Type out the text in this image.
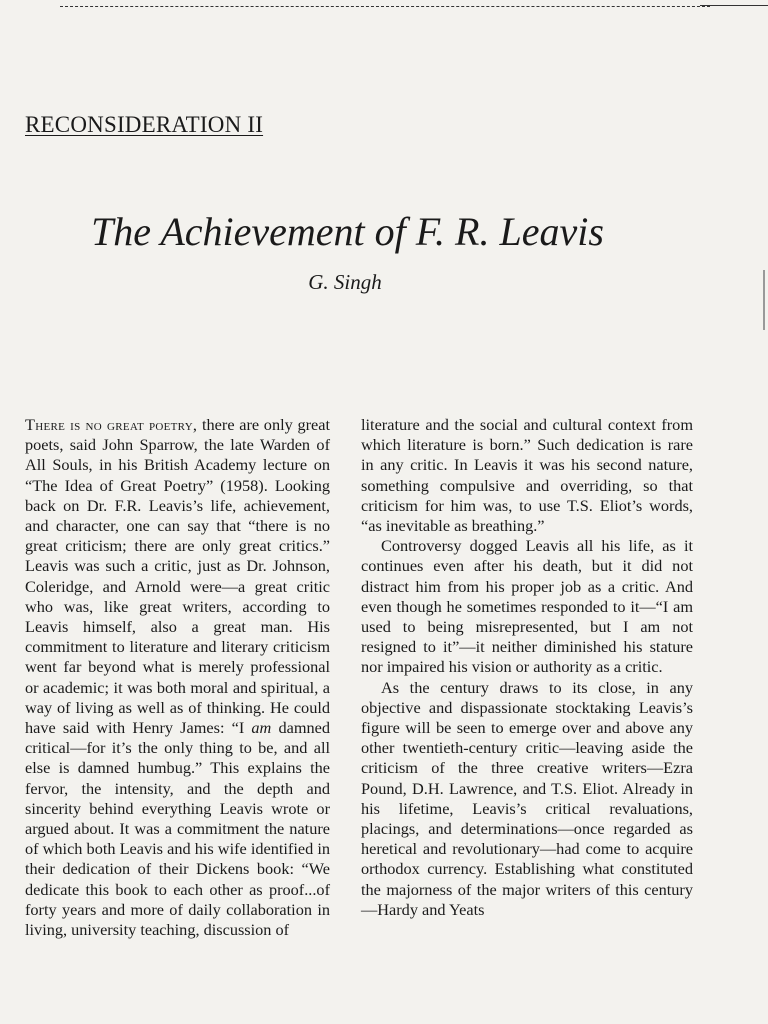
RECONSIDERATION II
The Achievement of F. R. Leavis
G. Singh

There is no great poetry, there are only great poets, said John Sparrow, the late Warden of All Souls, in his British Academy lecture on “The Idea of Great Poetry” (1958). Looking back on Dr. F.R. Leavis’s life, achievement, and character, one can say that “there is no great criticism; there are only great critics.” Leavis was such a critic, just as Dr. Johnson, Coleridge, and Arnold were—a great critic who was, like great writers, according to Leavis himself, also a great man. His commitment to literature and literary criticism went far beyond what is merely professional or academic; it was both moral and spiritual, a way of living as well as of thinking. He could have said with Henry James: “I am damned critical—for it’s the only thing to be, and all else is damned humbug.” This explains the fervor, the intensity, and the depth and sincerity behind everything Leavis wrote or argued about. It was a commitment the nature of which both Leavis and his wife identified in their dedication of their Dickens book: “We dedicate this book to each other as proof...of forty years and more of daily collaboration in living, university teaching, discussion of

literature and the social and cultural context from which literature is born.” Such dedication is rare in any critic. In Leavis it was his second nature, something compulsive and overriding, so that criticism for him was, to use T.S. Eliot’s words, “as inevitable as breathing.”

Controversy dogged Leavis all his life, as it continues even after his death, but it did not distract him from his proper job as a critic. And even though he sometimes responded to it—“I am used to being misrepresented, but I am not resigned to it”—it neither diminished his stature nor impaired his vision or authority as a critic.

As the century draws to its close, in any objective and dispassionate stocktaking Leavis’s figure will be seen to emerge over and above any other twentieth-century critic—leaving aside the criticism of the three creative writers—Ezra Pound, D.H. Lawrence, and T.S. Eliot. Already in his lifetime, Leavis’s critical revaluations, placings, and determinations—once regarded as heretical and revolutionary—had come to acquire orthodox currency. Establishing what constituted the majorness of the major writers of this century—Hardy and Yeats
